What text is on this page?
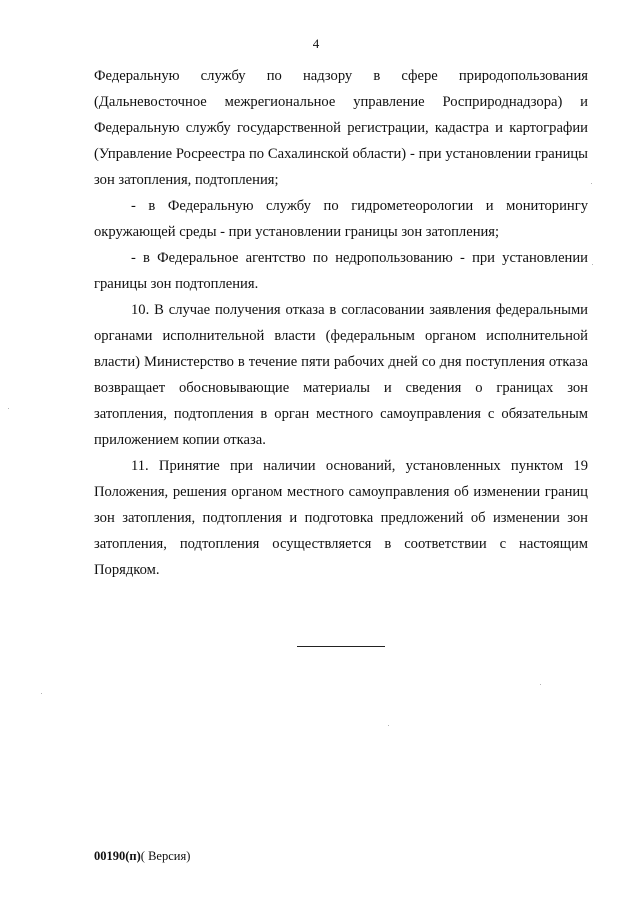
4

Федеральную службу по надзору в сфере природопользования (Дальневосточное межрегиональное управление Росприроднадзора) и Федеральную службу государственной регистрации, кадастра и картографии (Управление Росреестра по Сахалинской области) - при установлении границы зон затопления, подтопления;

- в Федеральную службу по гидрометеорологии и мониторингу окружающей среды - при установлении границы зон затопления;

- в Федеральное агентство по недропользованию - при установлении границы зон подтопления.

10. В случае получения отказа в согласовании заявления федеральными органами исполнительной власти (федеральным органом исполнительной власти) Министерство в течение пяти рабочих дней со дня поступления отказа возвращает обосновывающие материалы и сведения о границах зон затопления, подтопления в орган местного самоуправления с обязательным приложением копии отказа.

11. Принятие при наличии оснований, установленных пунктом 19 Положения, решения органом местного самоуправления об изменении границ зон затопления, подтопления и подготовка предложений об изменении зон затопления, подтопления осуществляется в соответствии с настоящим Порядком.

00190(п)( Версия)
